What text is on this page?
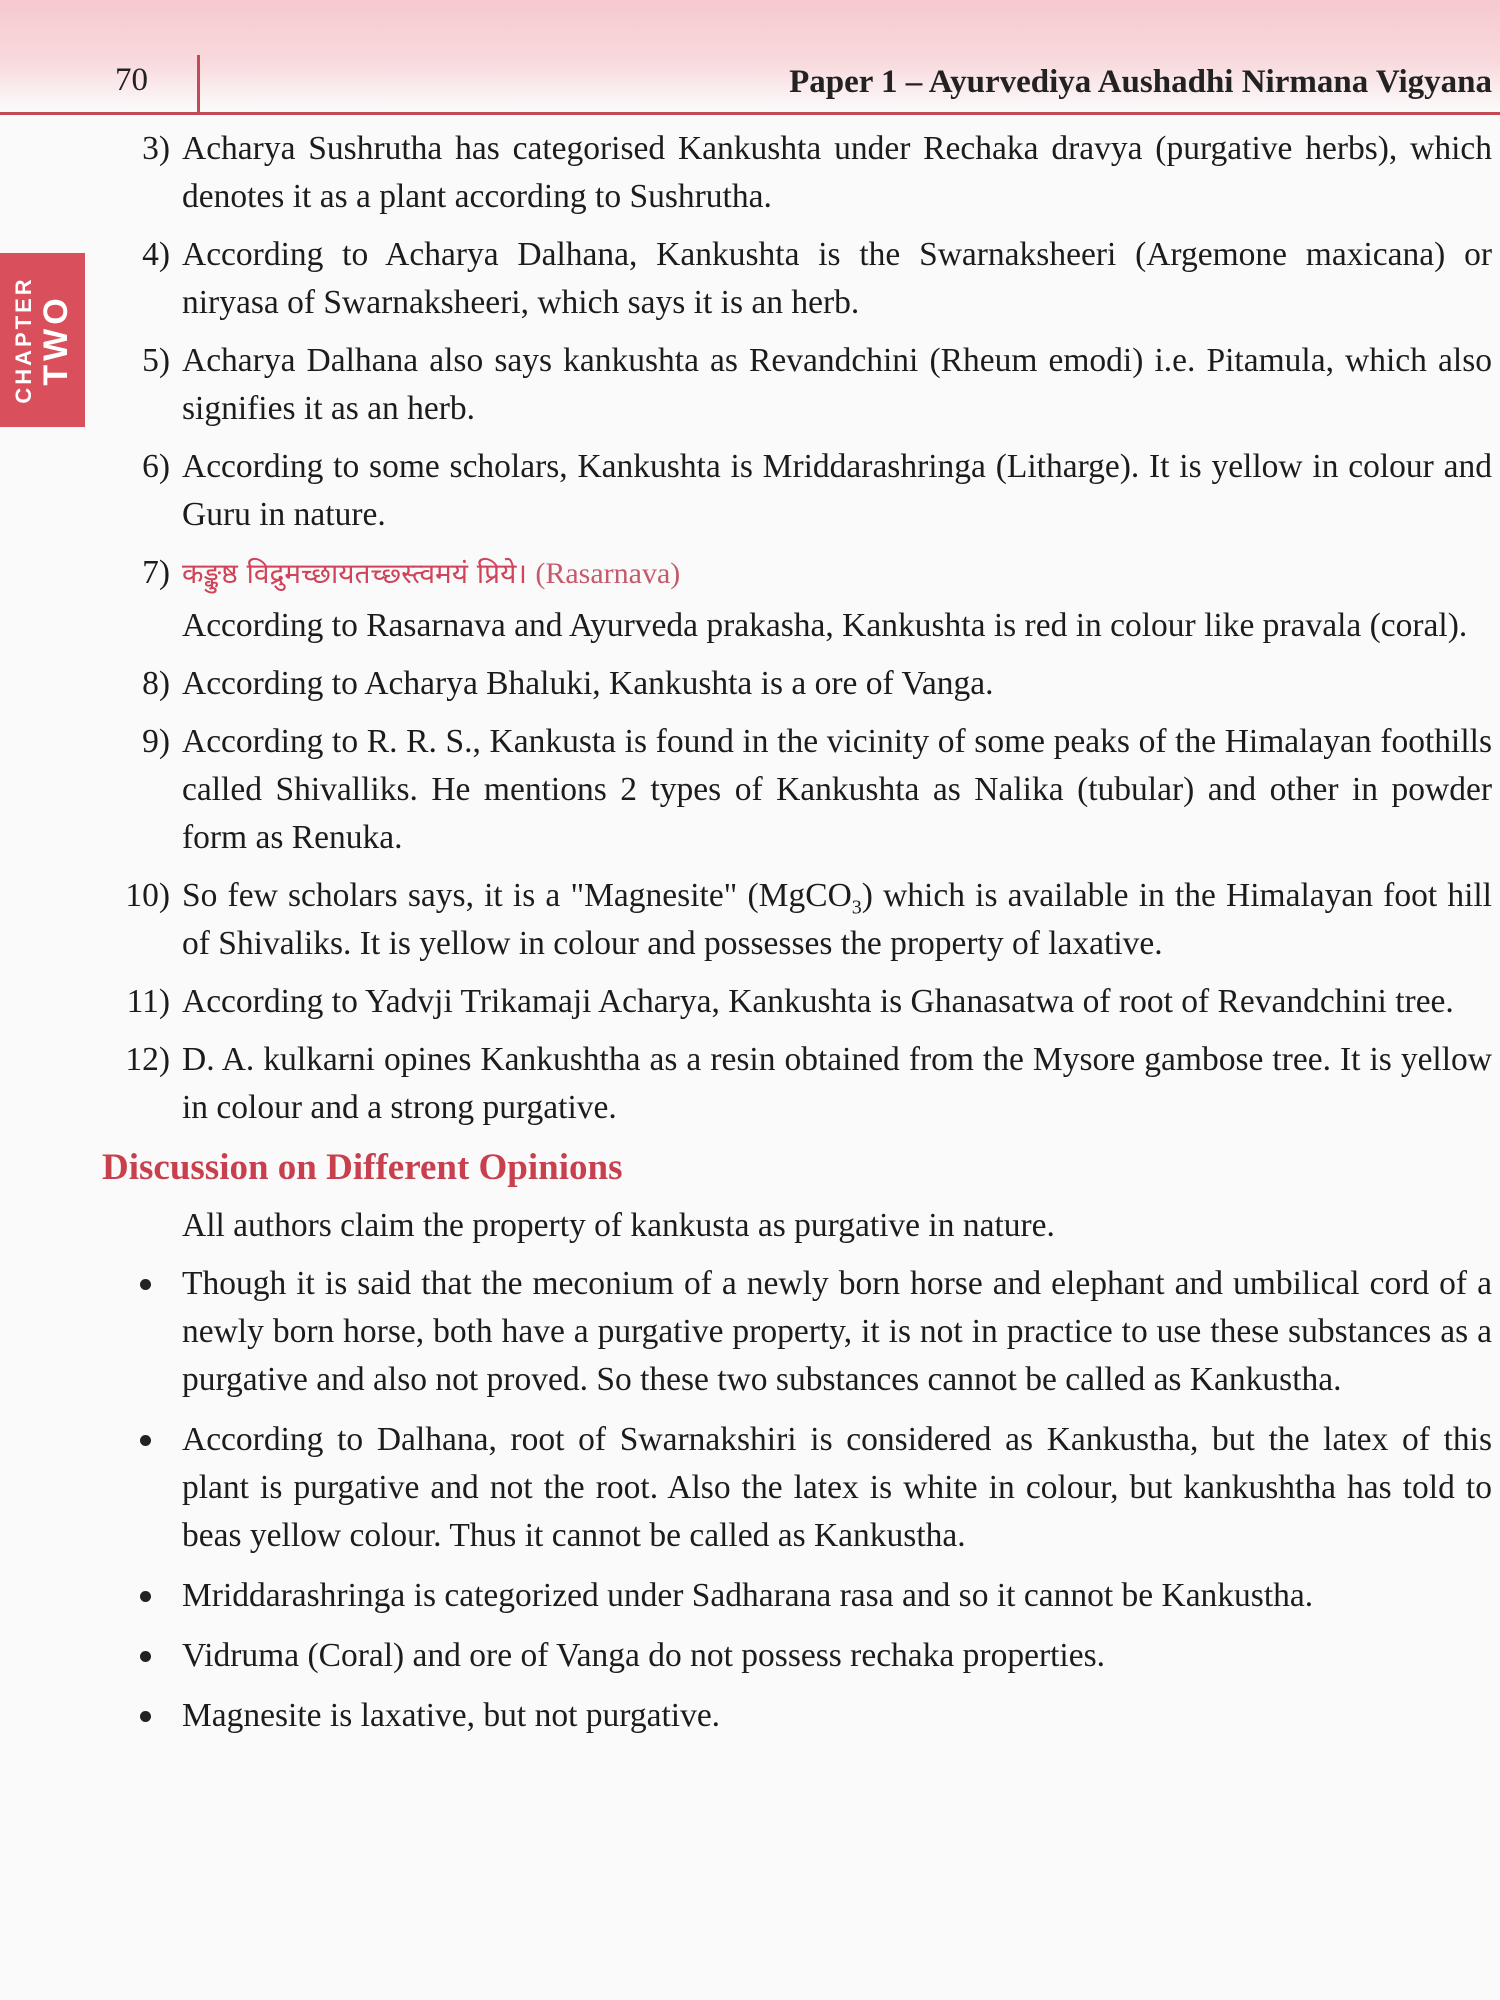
70	Paper 1 – Ayurvediya Aushadhi Nirmana Vigyana
CHAPTER TWO
3) Acharya Sushrutha has categorised Kankushta under Rechaka dravya (purgative herbs), which denotes it as a plant according to Sushrutha.
4) According to Acharya Dalhana, Kankushta is the Swarnaksheeri (Argemone maxicana) or niryasa of Swarnaksheeri, which says it is an herb.
5) Acharya Dalhana also says kankushta as Revandchini (Rheum emodi) i.e. Pitamula, which also signifies it as an herb.
6) According to some scholars, Kankushta is Mriddarashringa (Litharge). It is yellow in colour and Guru in nature.
7) कङ्कुष्ठ विद्रुमच्छायतच्छ्स्त्वमयं प्रिये। (Rasarnava)
According to Rasarnava and Ayurveda prakasha, Kankushta is red in colour like pravala (coral).
8) According to Acharya Bhaluki, Kankushta is a ore of Vanga.
9) According to R. R. S., Kankusta is found in the vicinity of some peaks of the Himalayan foothills called Shivalliks. He mentions 2 types of Kankushta as Nalika (tubular) and other in powder form as Renuka.
10) So few scholars says, it is a "Magnesite" (MgCO$_3$) which is available in the Himalayan foot hill of Shivaliks. It is yellow in colour and possesses the property of laxative.
11) According to Yadvji Trikamaji Acharya, Kankushta is Ghanasatwa of root of Revandchini tree.
12) D. A. kulkarni opines Kankushtha as a resin obtained from the Mysore gambose tree. It is yellow in colour and a strong purgative.
Discussion on Different Opinions
All authors claim the property of kankusta as purgative in nature.
Though it is said that the meconium of a newly born horse and elephant and umbilical cord of a newly born horse, both have a purgative property, it is not in practice to use these substances as a purgative and also not proved. So these two substances cannot be called as Kankustha.
According to Dalhana, root of Swarnakshiri is considered as Kankustha, but the latex of this plant is purgative and not the root. Also the latex is white in colour, but kankushtha has told to beas yellow colour. Thus it cannot be called as Kankustha.
Mriddarashringa is categorized under Sadharana rasa and so it cannot be Kankustha.
Vidruma (Coral) and ore of Vanga do not possess rechaka properties.
Magnesite is laxative, but not purgative.
